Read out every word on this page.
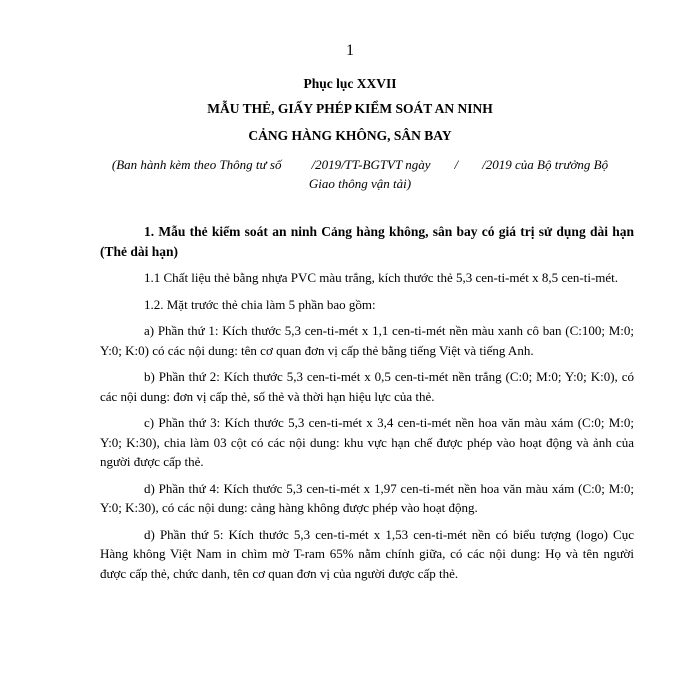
1
Phục lục XXVII
MẪU THẺ, GIẤY PHÉP KIỂM SOÁT AN NINH
CẢNG HÀNG KHÔNG, SÂN BAY
(Ban hành kèm theo Thông tư số /2019/TT-BGTVT ngày / /2019 của Bộ trưởng Bộ Giao thông vận tải)

1. Mẫu thẻ kiểm soát an ninh Cảng hàng không, sân bay có giá trị sử dụng dài hạn (Thẻ dài hạn)

1.1 Chất liệu thẻ bằng nhựa PVC màu trắng, kích thước thẻ 5,3 cen-ti-mét x 8,5 cen-ti-mét.

1.2. Mặt trước thẻ chia làm 5 phần bao gồm:

a) Phần thứ 1: Kích thước 5,3 cen-ti-mét x 1,1 cen-ti-mét nền màu xanh cô ban (C:100; M:0; Y:0; K:0) có các nội dung: tên cơ quan đơn vị cấp thẻ bằng tiếng Việt và tiếng Anh.

b) Phần thứ 2: Kích thước 5,3 cen-ti-mét x 0,5 cen-ti-mét nền trắng (C:0; M:0; Y:0; K:0), có các nội dung: đơn vị cấp thẻ, số thẻ và thời hạn hiệu lực của thẻ.

c) Phần thứ 3: Kích thước 5,3 cen-ti-mét x 3,4 cen-ti-mét nền hoa văn màu xám (C:0; M:0; Y:0; K:30), chia làm 03 cột có các nội dung: khu vực hạn chế được phép vào hoạt động và ảnh của người được cấp thẻ.

d) Phần thứ 4: Kích thước 5,3 cen-ti-mét x 1,97 cen-ti-mét nền hoa văn màu xám (C:0; M:0; Y:0; K:30), có các nội dung: cảng hàng không được phép vào hoạt động.

d) Phần thứ 5: Kích thước 5,3 cen-ti-mét x 1,53 cen-ti-mét nền có biểu tượng (logo) Cục Hàng không Việt Nam in chìm mờ T-ram 65% nằm chính giữa, có các nội dung: Họ và tên người được cấp thẻ, chức danh, tên cơ quan đơn vị của người được cấp thẻ.
